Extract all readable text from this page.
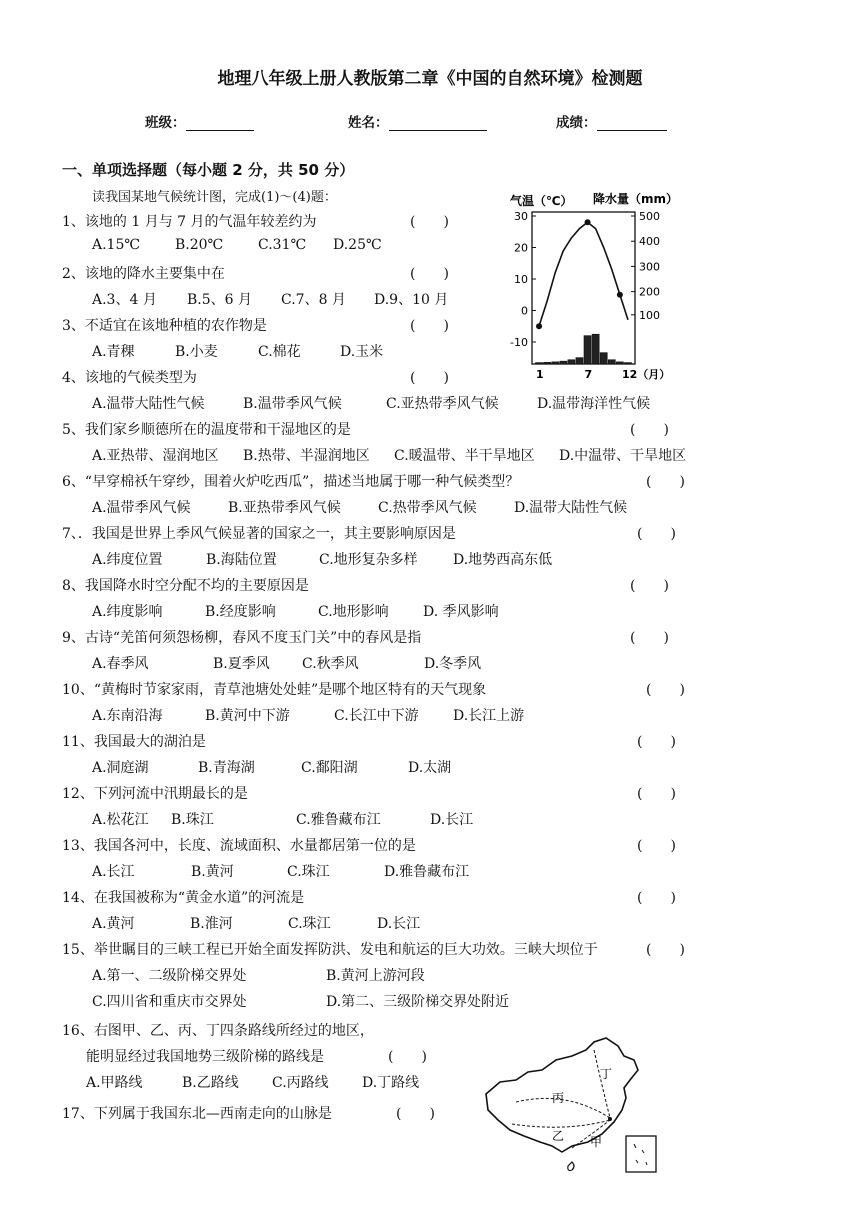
地理八年级上册人教版第二章《中国的自然环境》检测题
班级：	姓名：	成绩：
一、单项选择题（每小题 2 分，共 50 分）
读我国某地气候统计图，完成(1)～(4)题：	气温（℃） 降水量（mm）
30
20
10
0
-10
500
400
300
200
100
1	7	12（月）
1、该地的 1 月与 7 月的气温年较差约为	(　　)
A.15℃ B.20℃ C.31℃ D.25℃
2、该地的降水主要集中在	(　　)
A.3、4 月 B.5、6 月 C.7、8 月 D.9、10 月
3、不适宜在该地种植的农作物是	(　　)
A.青稞	B.小麦	C.棉花	D.玉米
4、该地的气候类型为	(　　)
A.温带大陆性气候	B.温带季风气候	C.亚热带季风气候	D.温带海洋性气候
5、我们家乡顺德所在的温度带和干湿地区的是	(　　)
A.亚热带、湿润地区 B.热带、半湿润地区 C.暖温带、半干旱地区 D.中温带、干旱地区
6、“早穿棉袄午穿纱，围着火炉吃西瓜”，描述当地属于哪一种气候类型？	(　　)
A.温带季风气候	B.亚热带季风气候	C.热带季风气候	D.温带大陆性气候
7、．我国是世界上季风气候显著的国家之一，其主要影响原因是	(　　)
A.纬度位置	B.海陆位置	C.地形复杂多样	D.地势西高东低
8、我国降水时空分配不均的主要原因是	(　　)
A.纬度影响	B.经度影响	C.地形影响 D. 季风影响
9、古诗“羌笛何须怨杨柳，春风不度玉门关”中的春风是指	(　　)
A.春季风	B.夏季风 C.秋季风	D.冬季风
10、“黄梅时节家家雨，青草池塘处处蛙”是哪个地区特有的天气现象	(　　)
A.东南沿海	B.黄河中下游	C.长江中下游 D.长江上游
11、我国最大的湖泊是	(　　)
A.洞庭湖	B.青海湖	C.鄱阳湖	D.太湖
12、下列河流中汛期最长的是	(　　)
A.松花江 B.珠江	C.雅鲁藏布江	D.长江
13、我国各河中，长度、流域面积、水量都居第一位的是	(　　)
A.长江	B.黄河	C.珠江	D.雅鲁藏布江
14、在我国被称为“黄金水道”的河流是	(　　)
A.黄河	B.淮河	C.珠江	D.长江
15、举世瞩目的三峡工程已开始全面发挥防洪、发电和航运的巨大功效。三峡大坝位于	(　　)
A.第一、二级阶梯交界处	B.黄河上游河段
C.四川省和重庆市交界处	D.第二、三级阶梯交界处附近
16、右图甲、乙、丙、丁四条路线所经过的地区，
能明显经过我国地势三级阶梯的路线是	(　　)
A.甲路线	B.乙路线 C.丙路线 D.丁路线
17、下列属于我国东北—西南走向的山脉是	(　　)
丙
乙
丁
甲
